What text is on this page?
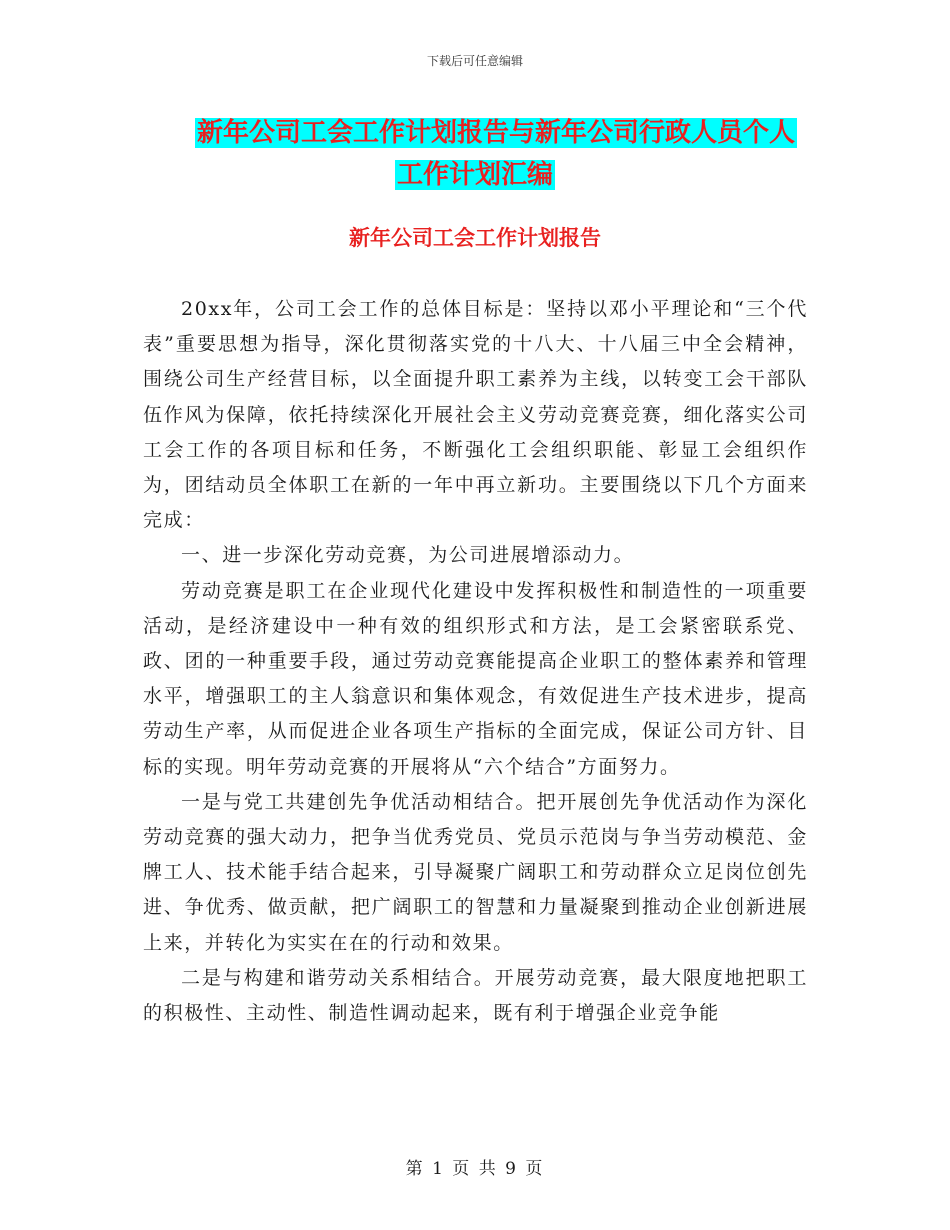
下载后可任意编辑
新年公司工会工作计划报告与新年公司行政人员个人
工作计划汇编
新年公司工会工作计划报告

20xx年，公司工会工作的总体目标是：坚持以邓小平理论和“三个代表”重要思想为指导，深化贯彻落实党的十八大、十八届三中全会精神，围绕公司生产经营目标，以全面提升职工素养为主线，以转变工会干部队伍作风为保障，依托持续深化开展社会主义劳动竞赛竞赛，细化落实公司工会工作的各项目标和任务，不断强化工会组织职能、彰显工会组织作为，团结动员全体职工在新的一年中再立新功。主要围绕以下几个方面来完成：

一、进一步深化劳动竞赛，为公司进展增添动力。

劳动竞赛是职工在企业现代化建设中发挥积极性和制造性的一项重要活动，是经济建设中一种有效的组织形式和方法，是工会紧密联系党、政、团的一种重要手段，通过劳动竞赛能提高企业职工的整体素养和管理水平，增强职工的主人翁意识和集体观念，有效促进生产技术进步，提高劳动生产率，从而促进企业各项生产指标的全面完成，保证公司方针、目标的实现。明年劳动竞赛的开展将从“六个结合”方面努力。

一是与党工共建创先争优活动相结合。把开展创先争优活动作为深化劳动竞赛的强大动力，把争当优秀党员、党员示范岗与争当劳动模范、金牌工人、技术能手结合起来，引导凝聚广阔职工和劳动群众立足岗位创先进、争优秀、做贡献，把广阔职工的智慧和力量凝聚到推动企业创新进展上来，并转化为实实在在的行动和效果。

二是与构建和谐劳动关系相结合。开展劳动竞赛，最大限度地把职工的积极性、主动性、制造性调动起来，既有利于增强企业竞争能

第 1 页 共 9 页
